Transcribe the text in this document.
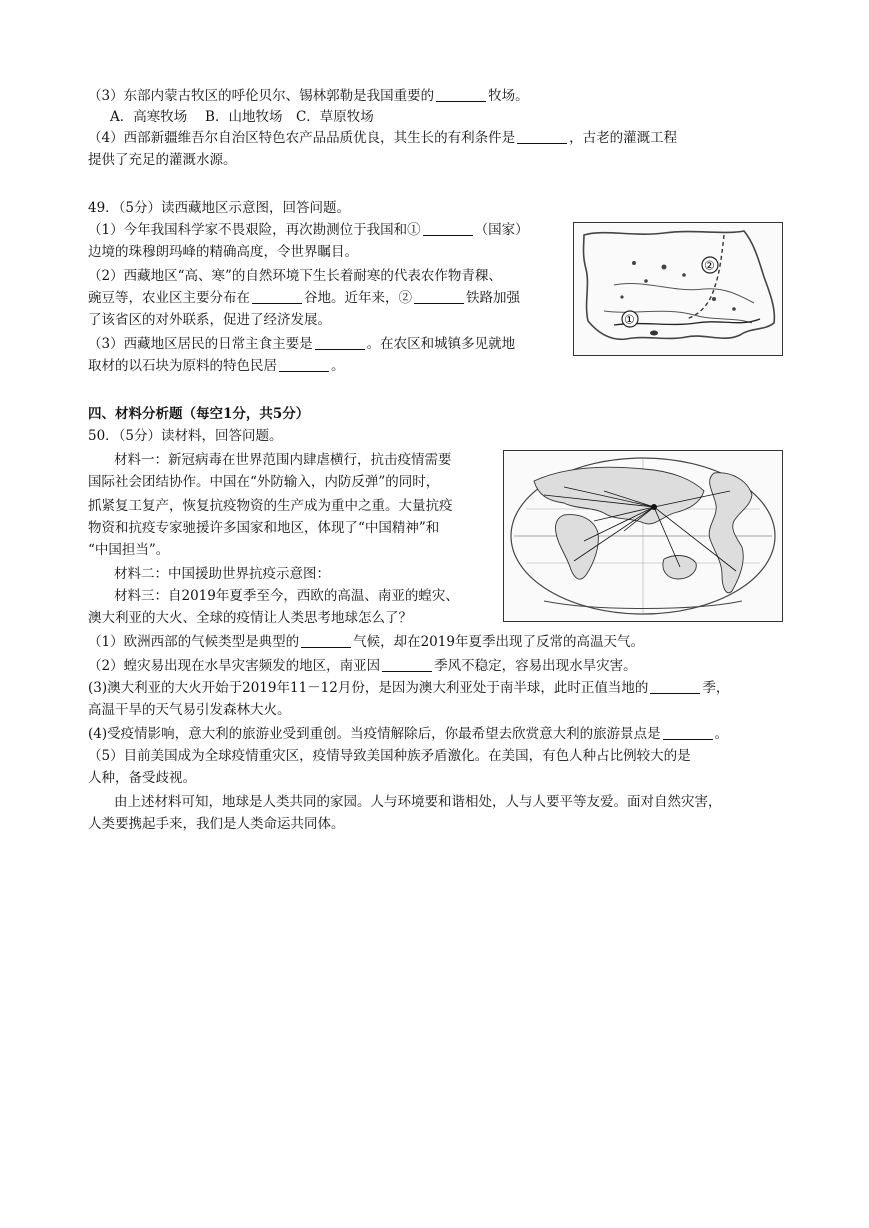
（3）东部内蒙古牧区的呼伦贝尔、锡林郭勒是我国重要的	牧场。
A．高寒牧场　 B．山地牧场　C．草原牧场
（4）西部新疆维吾尔自治区特色农产品品质优良，其生长的有利条件是	，古老的灌溉工程
提供了充足的灌溉水源。
49．（5分）读西藏地区示意图，回答问题。
（1）今年我国科学家不畏艰险，再次勘测位于我国和①	（国家）
边境的珠穆朗玛峰的精确高度，令世界瞩目。
（2）西藏地区“高、寒”的自然环境下生长着耐寒的代表农作物青稞、
豌豆等，农业区主要分布在	谷地。近年来，②	铁路加强
了该省区的对外联系，促进了经济发展。
（3）西藏地区居民的日常主食主要是	。在农区和城镇多见就地
取材的以石块为原料的特色民居	。
②
①
四、材料分析题（每空1分，共5分）
50．（5分）读材料，回答问题。
材料一：新冠病毒在世界范围内肆虐横行，抗击疫情需要
国际社会团结协作。中国在“外防输入，内防反弹”的同时，
抓紧复工复产，恢复抗疫物资的生产成为重中之重。大量抗疫
物资和抗疫专家驰援许多国家和地区，体现了“中国精神”和
“中国担当”。
材料二：中国援助世界抗疫示意图：
材料三：自2019年夏季至今，西欧的高温、南亚的蝗灾、
澳大利亚的大火、全球的疫情让人类思考地球怎么了？
（1）欧洲西部的气候类型是典型的	气候，却在2019年夏季出现了反常的高温天气。
（2）蝗灾易出现在水旱灾害频发的地区，南亚因	季风不稳定，容易出现水旱灾害。
(3)澳大利亚的大火开始于2019年11－12月份，是因为澳大利亚处于南半球，此时正值当地的	季，
高温干旱的天气易引发森林大火。
(4)受疫情影响，意大利的旅游业受到重创。当疫情解除后，你最希望去欣赏意大利的旅游景点是	。
（5）目前美国成为全球疫情重灾区，疫情导致美国种族矛盾激化。在美国，有色人种占比例较大的是
人种，备受歧视。
由上述材料可知，地球是人类共同的家园。人与环境要和谐相处，人与人要平等友爱。面对自然灾害，
人类要携起手来，我们是人类命运共同体。
